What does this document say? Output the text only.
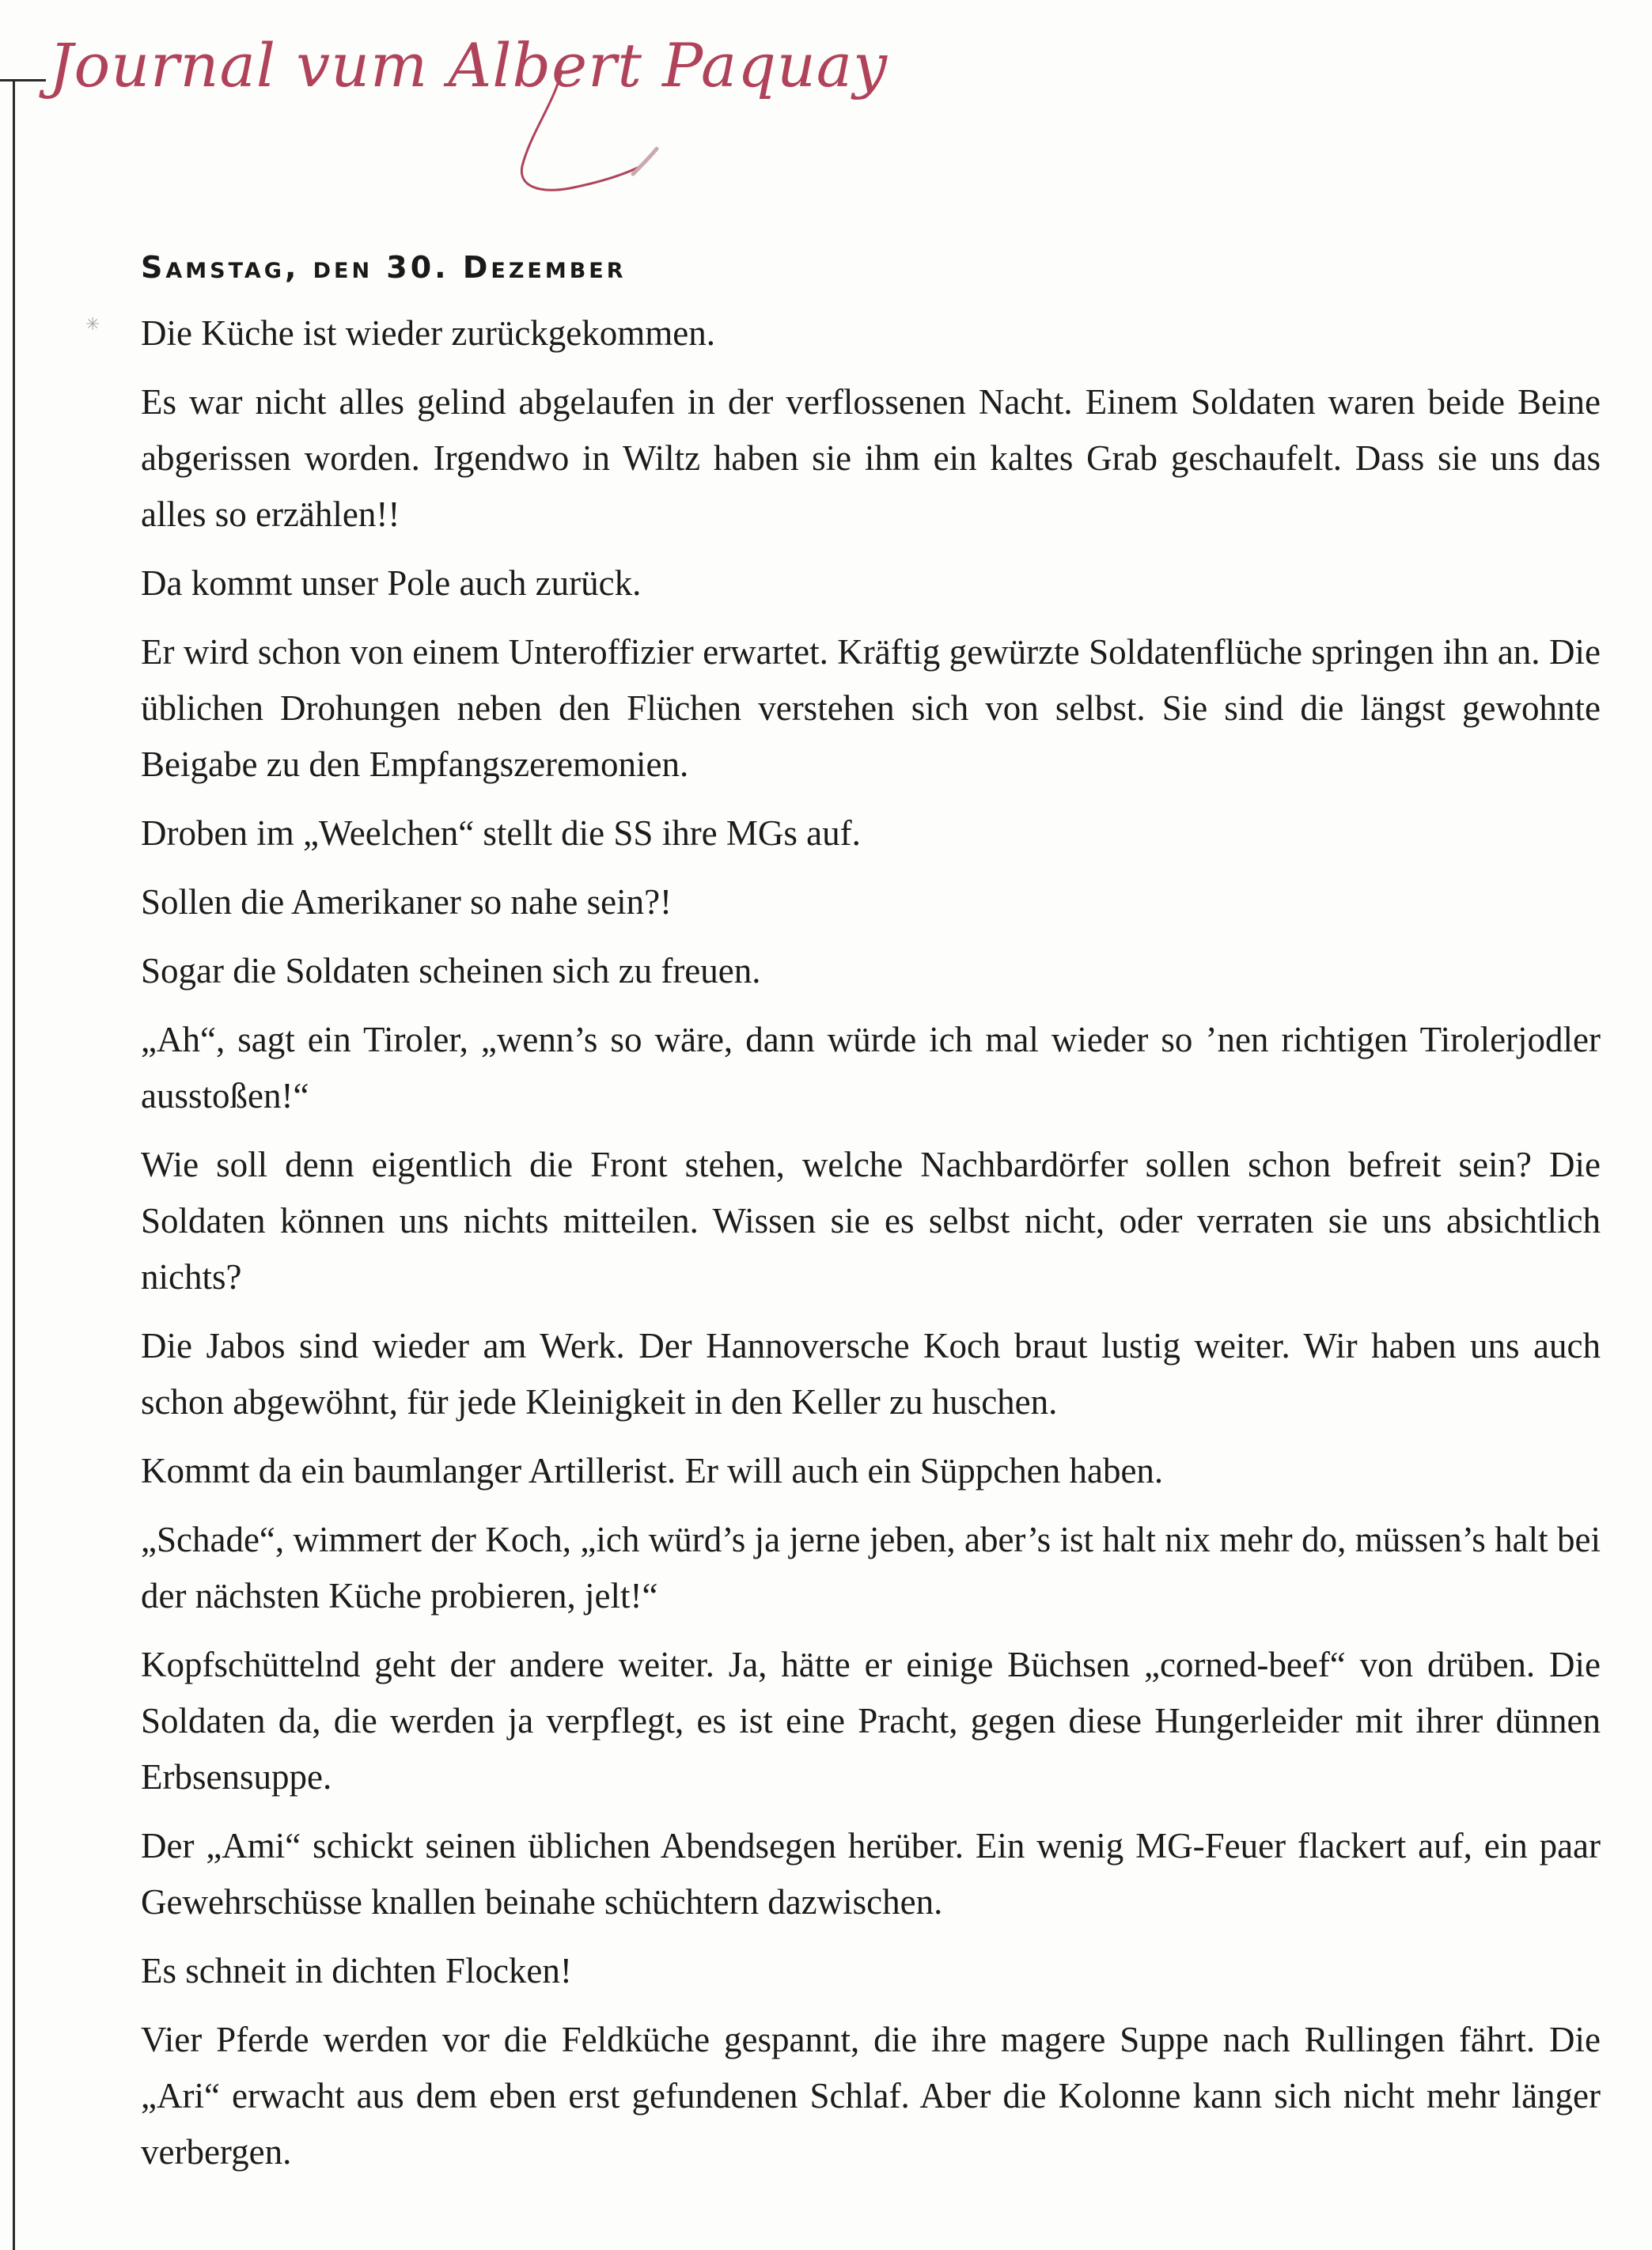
Journal vum Albert Paquay
Samstag, den 30. Dezember
✳ Die Küche ist wieder zurückgekommen.

Es war nicht alles gelind abgelaufen in der verflossenen Nacht. Einem Soldaten waren beide Beine abgerissen worden. Irgendwo in Wiltz haben sie ihm ein kaltes Grab geschaufelt. Dass sie uns das alles so erzählen!!

Da kommt unser Pole auch zurück.

Er wird schon von einem Unteroffizier erwartet. Kräftig gewürzte Soldatenflüche springen ihn an. Die üblichen Drohungen neben den Flüchen verstehen sich von selbst. Sie sind die längst gewohnte Beigabe zu den Empfangszeremonien.

Droben im „Weelchen“ stellt die SS ihre MGs auf.

Sollen die Amerikaner so nahe sein?!

Sogar die Soldaten scheinen sich zu freuen.

„Ah“, sagt ein Tiroler, „wenn’s so wäre, dann würde ich mal wieder so ’nen richtigen Tirolerjodler ausstoßen!“

Wie soll denn eigentlich die Front stehen, welche Nachbardörfer sollen schon befreit sein? Die Soldaten können uns nichts mitteilen. Wissen sie es selbst nicht, oder verraten sie uns absichtlich nichts?

Die Jabos sind wieder am Werk. Der Hannoversche Koch braut lustig weiter. Wir haben uns auch schon abgewöhnt, für jede Kleinigkeit in den Keller zu huschen.

Kommt da ein baumlanger Artillerist. Er will auch ein Süppchen haben.

„Schade“, wimmert der Koch, „ich würd’s ja jerne jeben, aber’s ist halt nix mehr do, müssen’s halt bei der nächsten Küche probieren, jelt!“

Kopfschüttelnd geht der andere weiter. Ja, hätte er einige Büchsen „corned-beef“ von drüben. Die Soldaten da, die werden ja verpflegt, es ist eine Pracht, gegen diese Hungerleider mit ihrer dünnen Erbsensuppe.

Der „Ami“ schickt seinen üblichen Abendsegen herüber. Ein wenig MG-Feuer flackert auf, ein paar Gewehrschüsse knallen beinahe schüchtern dazwischen.

Es schneit in dichten Flocken!

Vier Pferde werden vor die Feldküche gespannt, die ihre magere Suppe nach Rullingen fährt. Die „Ari“ erwacht aus dem eben erst gefundenen Schlaf. Aber die Kolonne kann sich nicht mehr länger verbergen.
